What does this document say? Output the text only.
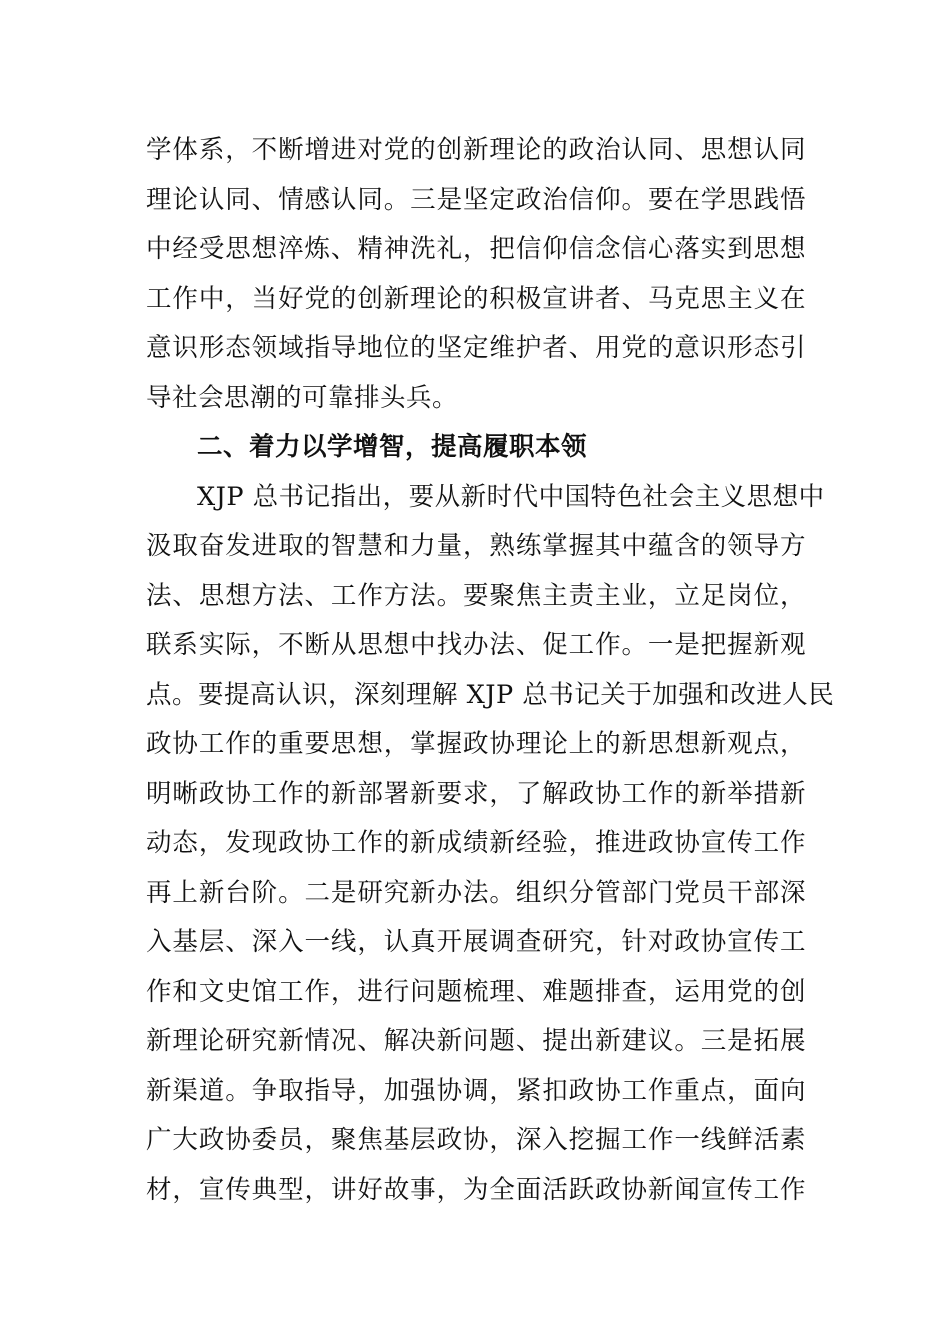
学体系，不断增进对党的创新理论的政治认同、思想认同
理论认同、情感认同。三是坚定政治信仰。要在学思践悟
中经受思想淬炼、精神洗礼，把信仰信念信心落实到思想
工作中，当好党的创新理论的积极宣讲者、马克思主义在
意识形态领域指导地位的坚定维护者、用党的意识形态引
导社会思潮的可靠排头兵。
二、着力以学增智，提高履职本领
XJP 总书记指出，要从新时代中国特色社会主义思想中
汲取奋发进取的智慧和力量，熟练掌握其中蕴含的领导方
法、思想方法、工作方法。要聚焦主责主业，立足岗位，
联系实际，不断从思想中找办法、促工作。一是把握新观
点。要提高认识，深刻理解 XJP 总书记关于加强和改进人民
政协工作的重要思想，掌握政协理论上的新思想新观点，
明晰政协工作的新部署新要求，了解政协工作的新举措新
动态，发现政协工作的新成绩新经验，推进政协宣传工作
再上新台阶。二是研究新办法。组织分管部门党员干部深
入基层、深入一线，认真开展调查研究，针对政协宣传工
作和文史馆工作，进行问题梳理、难题排查，运用党的创
新理论研究新情况、解决新问题、提出新建议。三是拓展
新渠道。争取指导，加强协调，紧扣政协工作重点，面向
广大政协委员，聚焦基层政协，深入挖掘工作一线鲜活素
材，宣传典型，讲好故事，为全面活跃政协新闻宣传工作
